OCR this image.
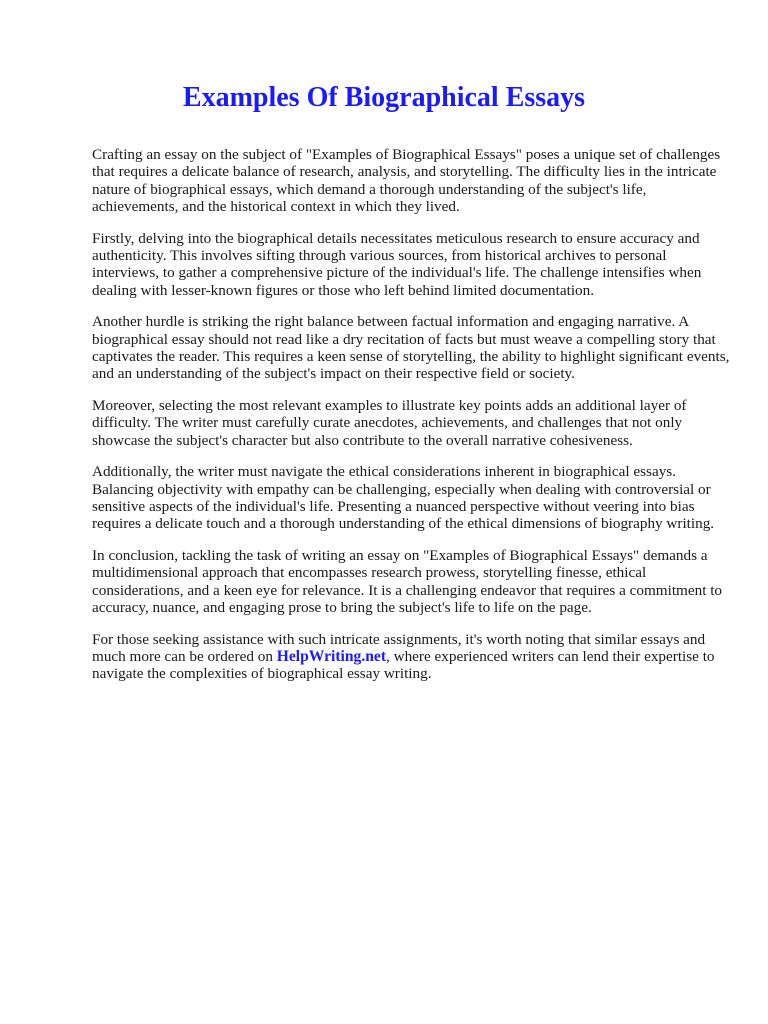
Examples Of Biographical Essays

Crafting an essay on the subject of "Examples of Biographical Essays" poses a unique set of challenges that requires a delicate balance of research, analysis, and storytelling. The difficulty lies in the intricate nature of biographical essays, which demand a thorough understanding of the subject's life, achievements, and the historical context in which they lived.

Firstly, delving into the biographical details necessitates meticulous research to ensure accuracy and authenticity. This involves sifting through various sources, from historical archives to personal interviews, to gather a comprehensive picture of the individual's life. The challenge intensifies when dealing with lesser-known figures or those who left behind limited documentation.

Another hurdle is striking the right balance between factual information and engaging narrative. A biographical essay should not read like a dry recitation of facts but must weave a compelling story that captivates the reader. This requires a keen sense of storytelling, the ability to highlight significant events, and an understanding of the subject's impact on their respective field or society.

Moreover, selecting the most relevant examples to illustrate key points adds an additional layer of difficulty. The writer must carefully curate anecdotes, achievements, and challenges that not only showcase the subject's character but also contribute to the overall narrative cohesiveness.

Additionally, the writer must navigate the ethical considerations inherent in biographical essays. Balancing objectivity with empathy can be challenging, especially when dealing with controversial or sensitive aspects of the individual's life. Presenting a nuanced perspective without veering into bias requires a delicate touch and a thorough understanding of the ethical dimensions of biography writing.

In conclusion, tackling the task of writing an essay on "Examples of Biographical Essays" demands a multidimensional approach that encompasses research prowess, storytelling finesse, ethical considerations, and a keen eye for relevance. It is a challenging endeavor that requires a commitment to accuracy, nuance, and engaging prose to bring the subject's life to life on the page.

For those seeking assistance with such intricate assignments, it's worth noting that similar essays and much more can be ordered on HelpWriting.net, where experienced writers can lend their expertise to navigate the complexities of biographical essay writing.
